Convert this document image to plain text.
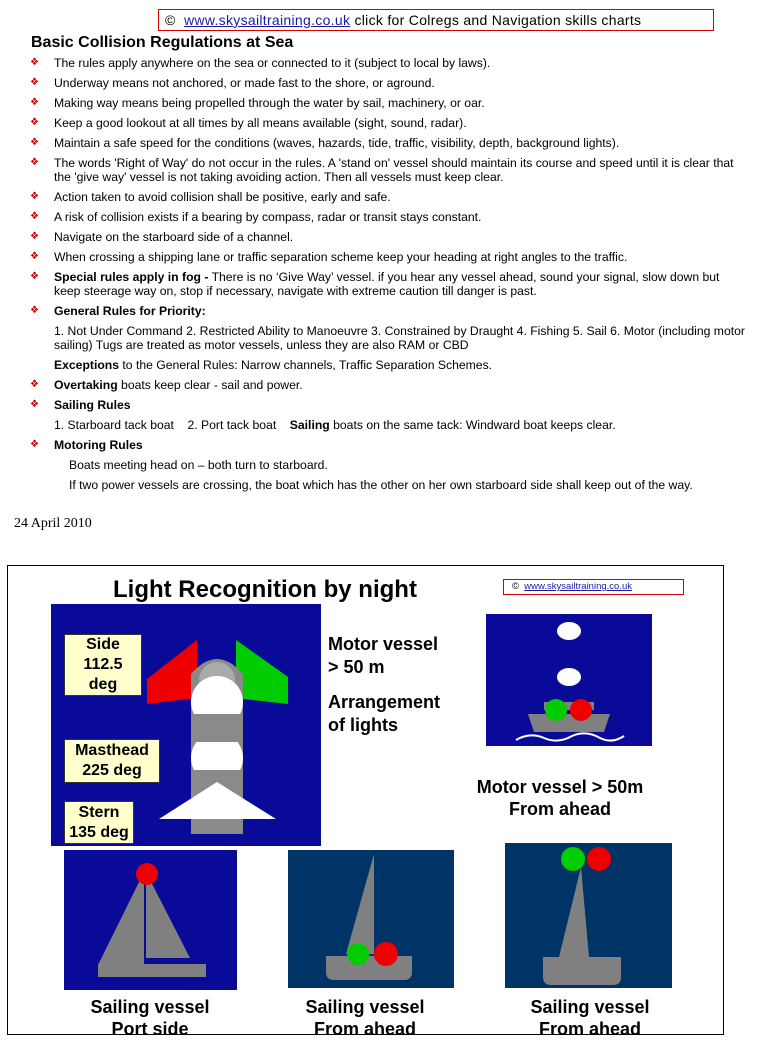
© www.skysailtraining.co.uk click for Colregs and Navigation skills charts
Basic Collision Regulations at Sea
❖ The rules apply anywhere on the sea or connected to it (subject to local by laws).
❖ Underway means not anchored, or made fast to the shore, or aground.
❖ Making way means being propelled through the water by sail, machinery, or oar.
❖ Keep a good lookout at all times by all means available (sight, sound, radar).
❖ Maintain a safe speed for the conditions (waves, hazards, tide, traffic, visibility, depth, background lights).
❖ The words 'Right of Way' do not occur in the rules. A 'stand on' vessel should maintain its course and speed until it is clear that the 'give way' vessel is not taking avoiding action. Then all vessels must keep clear.
❖ Action taken to avoid collision shall be positive, early and safe.
❖ A risk of collision exists if a bearing by compass, radar or transit stays constant.
❖ Navigate on the starboard side of a channel.
❖ When crossing a shipping lane or traffic separation scheme keep your heading at right angles to the traffic.
❖ Special rules apply in fog - There is no ‘Give Way’ vessel. if you hear any vessel ahead, sound your signal, slow down but keep steerage way on, stop if necessary, navigate with extreme caution till danger is past.
❖ General Rules for Priority:
1. Not Under Command 2. Restricted Ability to Manoeuvre 3. Constrained by Draught 4. Fishing 5. Sail 6. Motor (including motor sailing) Tugs are treated as motor vessels, unless they are also RAM or CBD
Exceptions to the General Rules: Narrow channels, Traffic Separation Schemes.
❖ Overtaking boats keep clear - sail and power.
❖ Sailing Rules
1. Starboard tack boat    2. Port tack boat    Sailing boats on the same tack: Windward boat keeps clear.
❖ Motoring Rules
Boats meeting head on – both turn to starboard.
If two power vessels are crossing, the boat which has the other on her own starboard side shall keep out of the way.
24 April 2010
Light Recognition by night	© www.skysailtraining.co.uk
Side
112.5
deg
Masthead
225 deg
Stern
135 deg
Motor vessel
> 50 m
Arrangement
of lights
Motor vessel > 50m
From ahead
Sailing vessel
Port side
Sailing vessel
From ahead
Sailing vessel
From ahead
